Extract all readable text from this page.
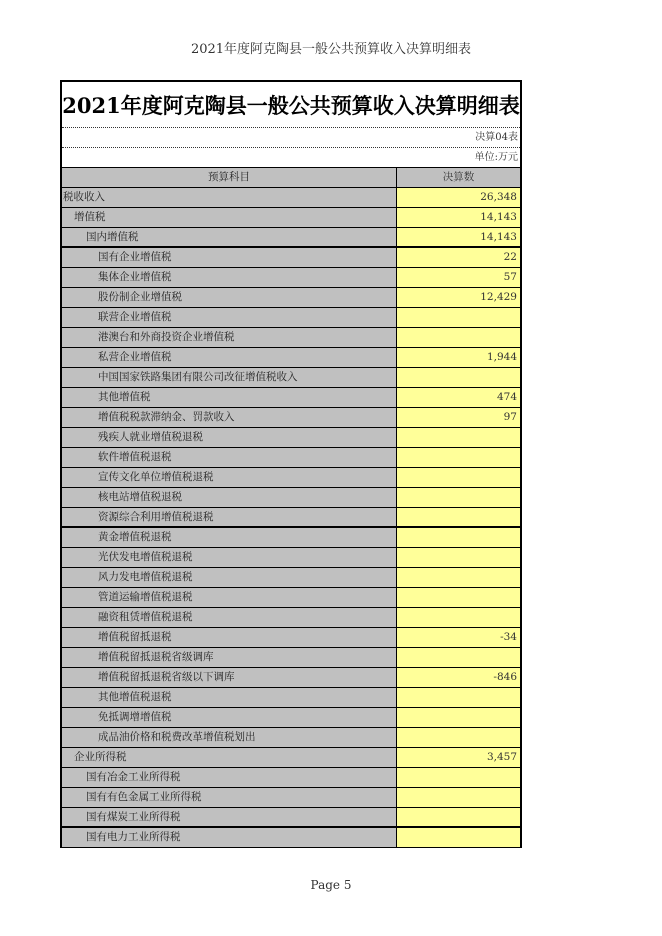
2021年度阿克陶县一般公共预算收入决算明细表
2021年度阿克陶县一般公共预算收入决算明细表
决算04表
单位:万元
预算科目	决算数
税收收入	26,348
增值税	14,143
国内增值税	14,143
国有企业增值税	22
集体企业增值税	57
股份制企业增值税	12,429
联营企业增值税
港澳台和外商投资企业增值税
私营企业增值税	1,944
中国国家铁路集团有限公司改征增值税收入
其他增值税	474
增值税税款滞纳金、罚款收入	97
残疾人就业增值税退税
软件增值税退税
宣传文化单位增值税退税
核电站增值税退税
资源综合利用增值税退税
黄金增值税退税
光伏发电增值税退税
风力发电增值税退税
管道运输增值税退税
融资租赁增值税退税
增值税留抵退税	-34
增值税留抵退税省级调库
增值税留抵退税省级以下调库	-846
其他增值税退税
免抵调增增值税
成品油价格和税费改革增值税划出
企业所得税	3,457
国有冶金工业所得税
国有有色金属工业所得税
国有煤炭工业所得税
国有电力工业所得税
Page 5
